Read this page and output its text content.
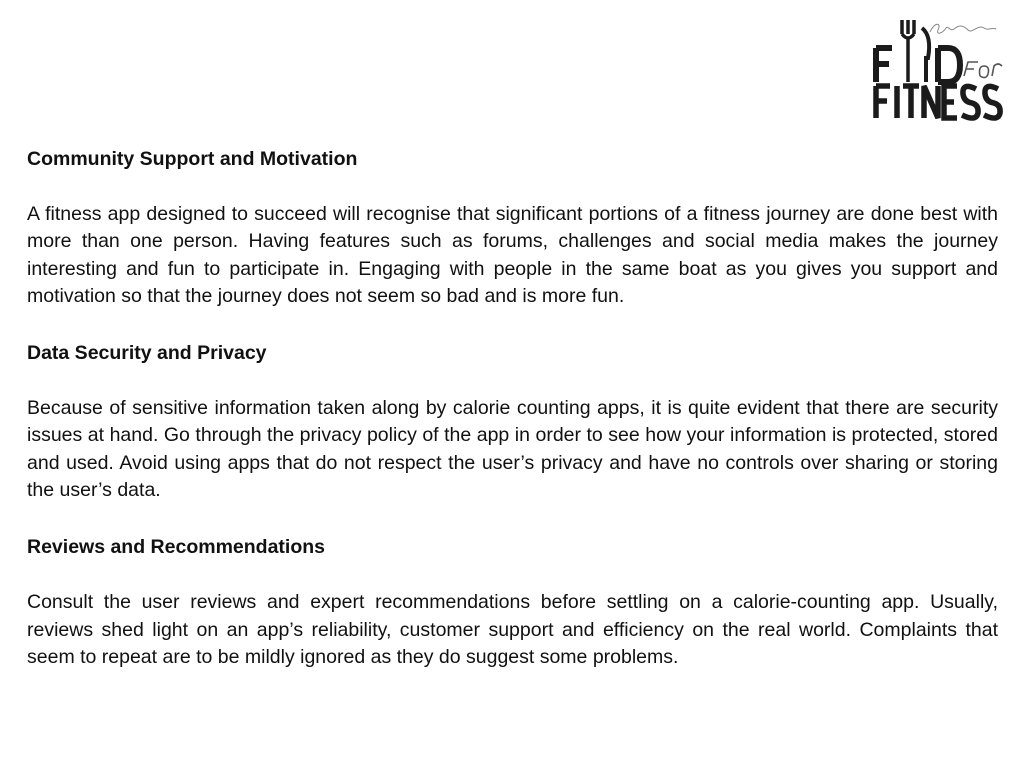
Community Support and Motivation

A fitness app designed to succeed will recognise that significant portions of a fitness journey are done best with more than one person. Having features such as forums, challenges and social media makes the journey interesting and fun to participate in. Engaging with people in the same boat as you gives you support and motivation so that the journey does not seem so bad and is more fun.

Data Security and Privacy

Because of sensitive information taken along by calorie counting apps, it is quite evident that there are security issues at hand. Go through the privacy policy of the app in order to see how your information is protected, stored and used. Avoid using apps that do not respect the user’s privacy and have no controls over sharing or storing the user’s data.

Reviews and Recommendations

Consult the user reviews and expert recommendations before settling on a calorie-counting app. Usually, reviews shed light on an app’s reliability, customer support and efficiency on the real world. Complaints that seem to repeat are to be mildly ignored as they do suggest some problems.
